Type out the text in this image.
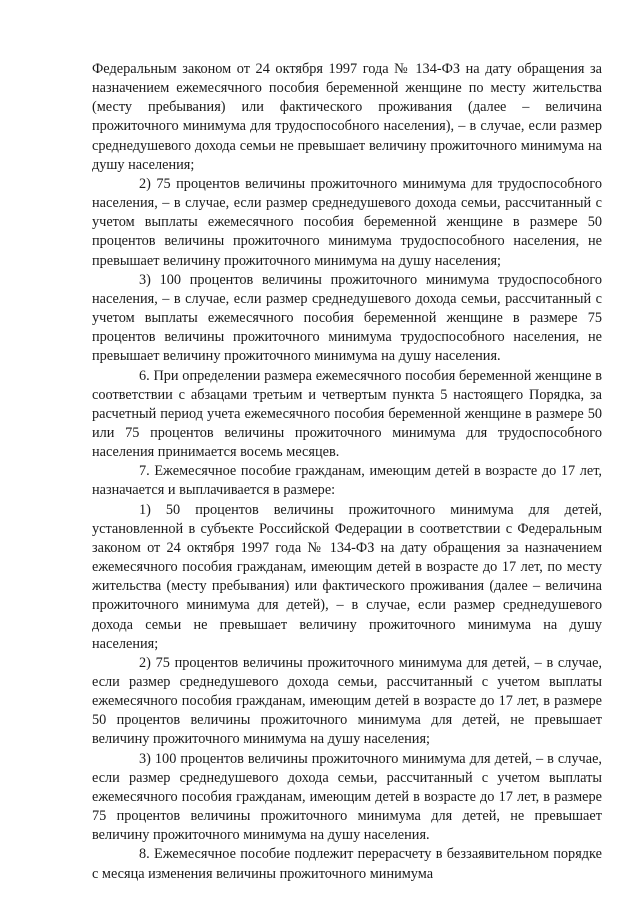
Федеральным законом от 24 октября 1997 года № 134-ФЗ на дату обращения за назначением ежемесячного пособия беременной женщине по месту жительства (месту пребывания) или фактического проживания (далее – величина прожиточного минимума для трудоспособного населения), – в случае, если размер среднедушевого дохода семьи не превышает величину прожиточного минимума на душу населения;

2) 75 процентов величины прожиточного минимума для трудоспособного населения, – в случае, если размер среднедушевого дохода семьи, рассчитанный с учетом выплаты ежемесячного пособия беременной женщине в размере 50 процентов величины прожиточного минимума трудоспособного населения, не превышает величину прожиточного минимума на душу населения;

3) 100 процентов величины прожиточного минимума трудоспособного населения, – в случае, если размер среднедушевого дохода семьи, рассчитанный с учетом выплаты ежемесячного пособия беременной женщине в размере 75 процентов величины прожиточного минимума трудоспособного населения, не превышает величину прожиточного минимума на душу населения.

6. При определении размера ежемесячного пособия беременной женщине в соответствии с абзацами третьим и четвертым пункта 5 настоящего Порядка, за расчетный период учета ежемесячного пособия беременной женщине в размере 50 или 75 процентов величины прожиточного минимума для трудоспособного населения принимается восемь месяцев.

7. Ежемесячное пособие гражданам, имеющим детей в возрасте до 17 лет, назначается и выплачивается в размере:

1) 50 процентов величины прожиточного минимума для детей, установленной в субъекте Российской Федерации в соответствии с Федеральным законом от 24 октября 1997 года № 134-ФЗ на дату обращения за назначением ежемесячного пособия гражданам, имеющим детей в возрасте до 17 лет, по месту жительства (месту пребывания) или фактического проживания (далее – величина прожиточного минимума для детей), – в случае, если размер среднедушевого дохода семьи не превышает величину прожиточного минимума на душу населения;

2) 75 процентов величины прожиточного минимума для детей, – в случае, если размер среднедушевого дохода семьи, рассчитанный с учетом выплаты ежемесячного пособия гражданам, имеющим детей в возрасте до 17 лет, в размере 50 процентов величины прожиточного минимума для детей, не превышает величину прожиточного минимума на душу населения;

3) 100 процентов величины прожиточного минимума для детей, – в случае, если размер среднедушевого дохода семьи, рассчитанный с учетом выплаты ежемесячного пособия гражданам, имеющим детей в возрасте до 17 лет, в размере 75 процентов величины прожиточного минимума для детей, не превышает величину прожиточного минимума на душу населения.

8. Ежемесячное пособие подлежит перерасчету в беззаявительном порядке с месяца изменения величины прожиточного минимума
